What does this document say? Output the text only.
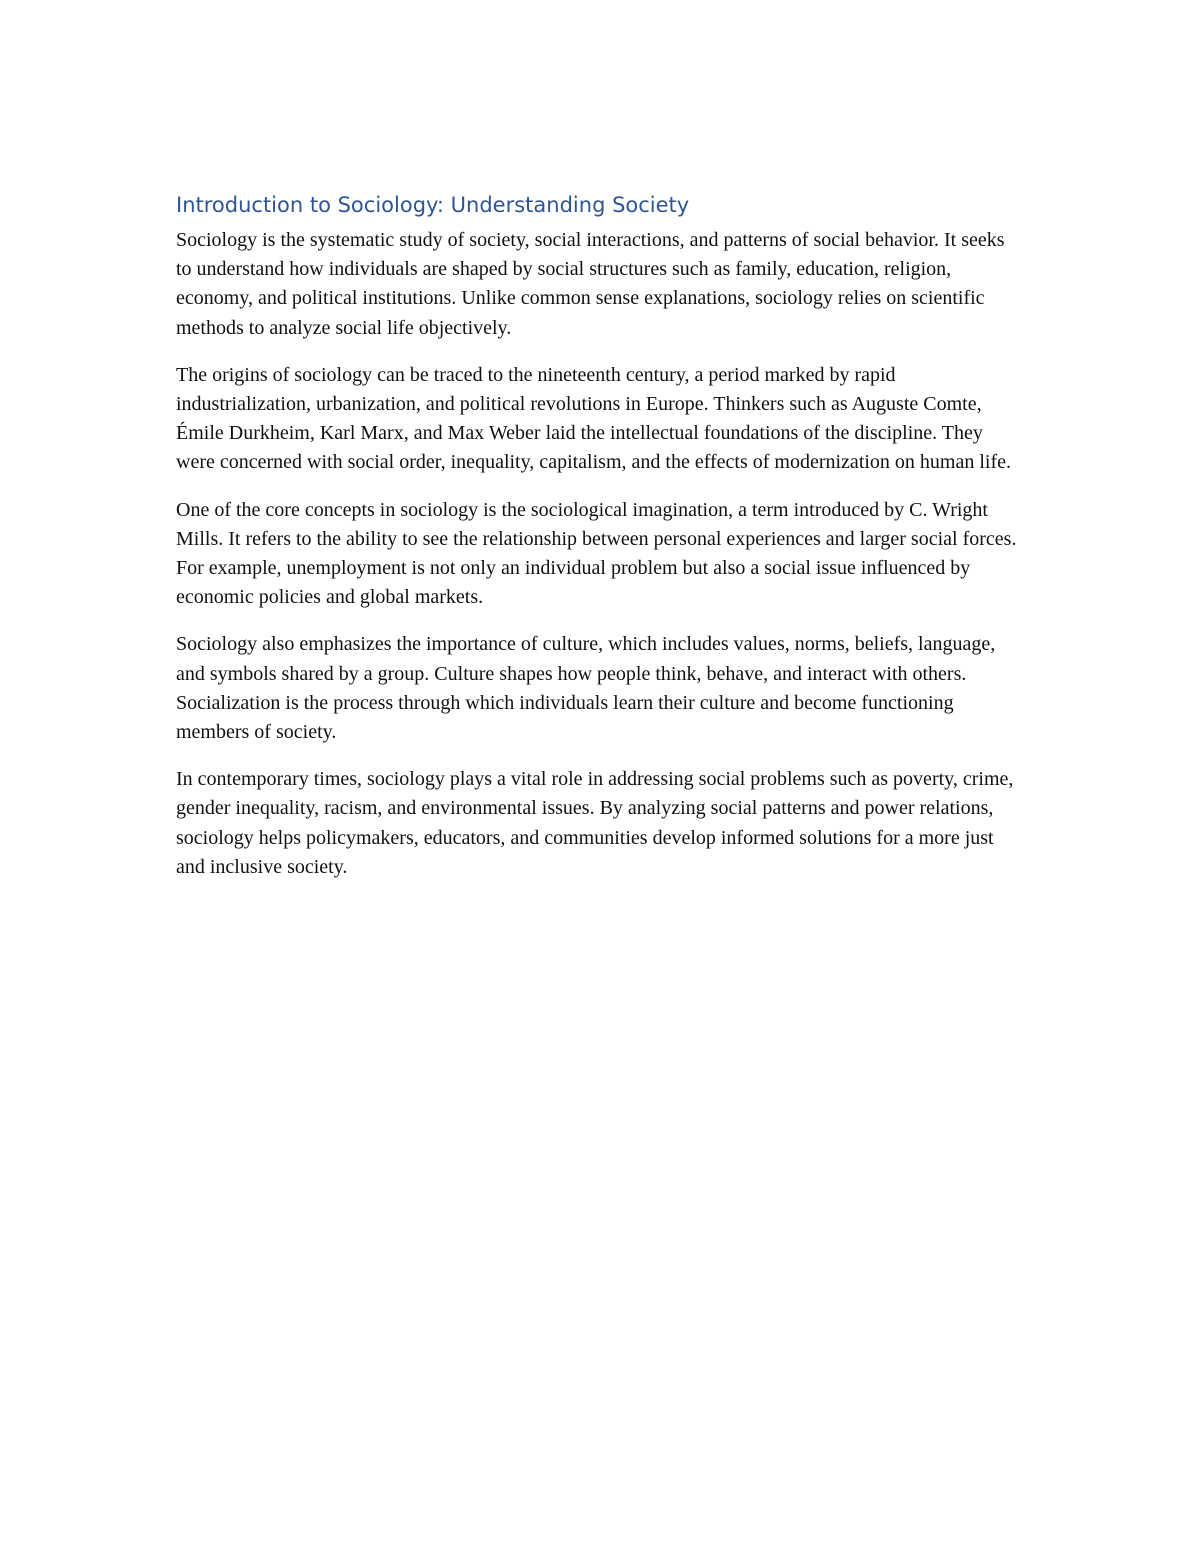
Introduction to Sociology: Understanding Society

Sociology is the systematic study of society, social interactions, and patterns of social behavior. It seeks to understand how individuals are shaped by social structures such as family, education, religion, economy, and political institutions. Unlike common sense explanations, sociology relies on scientific methods to analyze social life objectively.

The origins of sociology can be traced to the nineteenth century, a period marked by rapid industrialization, urbanization, and political revolutions in Europe. Thinkers such as Auguste Comte, Émile Durkheim, Karl Marx, and Max Weber laid the intellectual foundations of the discipline. They were concerned with social order, inequality, capitalism, and the effects of modernization on human life.

One of the core concepts in sociology is the sociological imagination, a term introduced by C. Wright Mills. It refers to the ability to see the relationship between personal experiences and larger social forces. For example, unemployment is not only an individual problem but also a social issue influenced by economic policies and global markets.

Sociology also emphasizes the importance of culture, which includes values, norms, beliefs, language, and symbols shared by a group. Culture shapes how people think, behave, and interact with others. Socialization is the process through which individuals learn their culture and become functioning members of society.

In contemporary times, sociology plays a vital role in addressing social problems such as poverty, crime, gender inequality, racism, and environmental issues. By analyzing social patterns and power relations, sociology helps policymakers, educators, and communities develop informed solutions for a more just and inclusive society.
